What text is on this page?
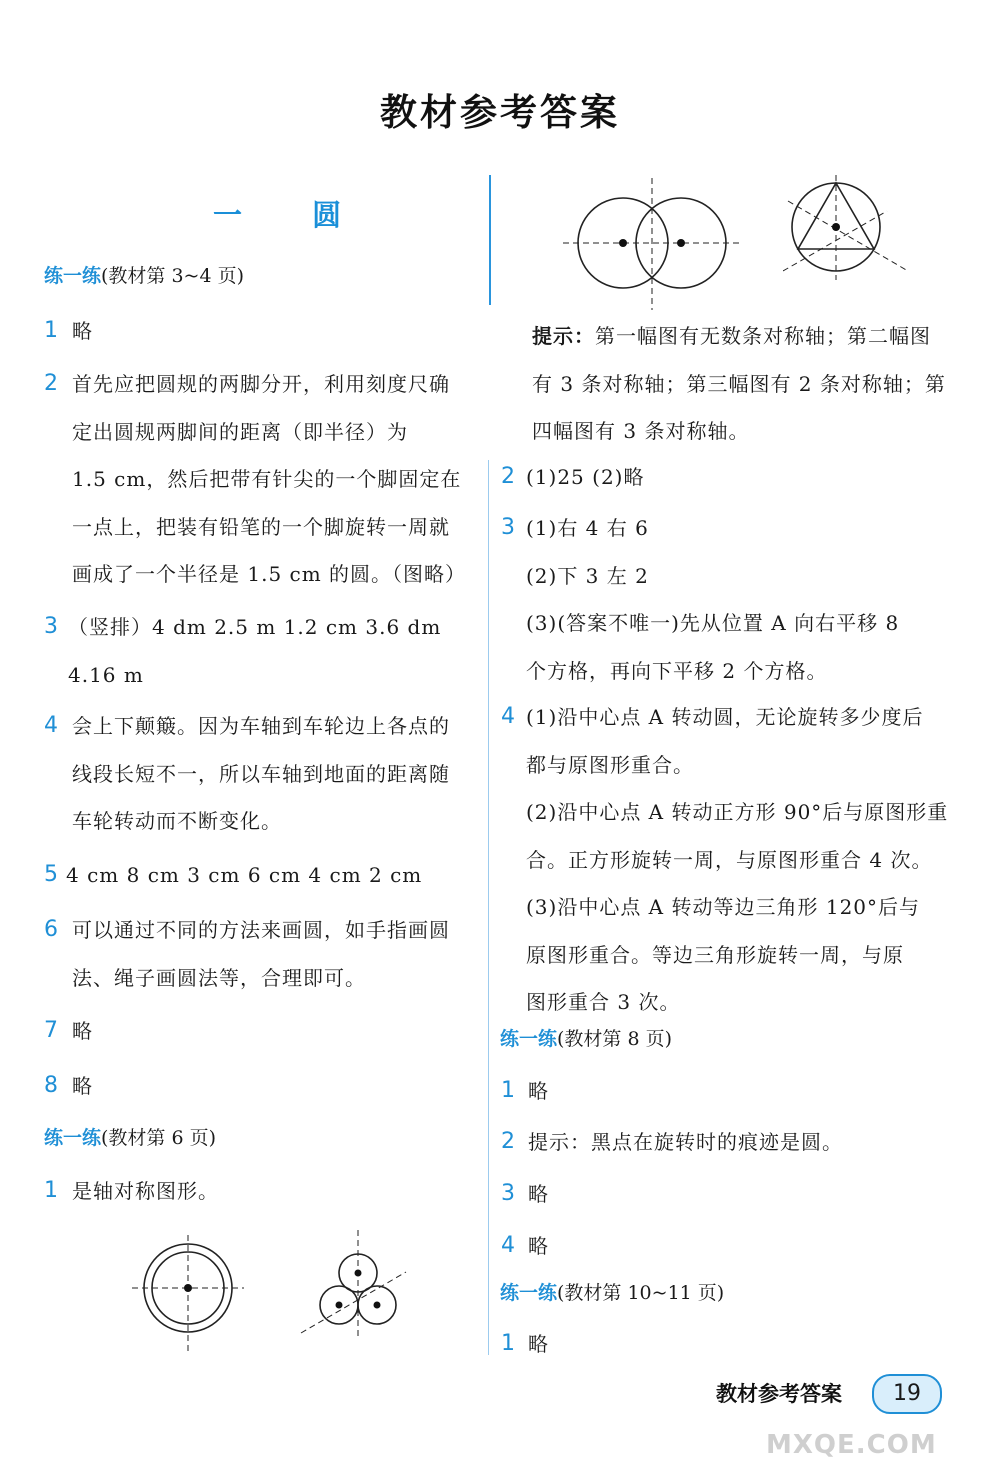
教材参考答案
一 圆
练一练(教材第 3~4 页)
1 略
2 首先应把圆规的两脚分开，利用刻度尺确
定出圆规两脚间的距离（即半径）为
1.5 cm，然后把带有针尖的一个脚固定在
一点上，把装有铅笔的一个脚旋转一周就
画成了一个半径是 1.5 cm 的圆。（图略）
3 （竖排）4 dm 2.5 m 1.2 cm 3.6 dm
4.16 m
4 会上下颠簸。因为车轴到车轮边上各点的
线段长短不一，所以车轴到地面的距离随
车轮转动而不断变化。
5 4 cm 8 cm 3 cm 6 cm 4 cm 2 cm
6 可以通过不同的方法来画圆，如手指画圆
法、绳子画圆法等，合理即可。
7 略
8 略
练一练(教材第 6 页)
1 是轴对称图形。
提示：第一幅图有无数条对称轴；第二幅图
有 3 条对称轴；第三幅图有 2 条对称轴；第
四幅图有 3 条对称轴。
2 (1)25 (2)略
3 (1)右 4 右 6
(2)下 3 左 2
(3)(答案不唯一)先从位置 A 向右平移 8
个方格，再向下平移 2 个方格。
4 (1)沿中心点 A 转动圆，无论旋转多少度后
都与原图形重合。
(2)沿中心点 A 转动正方形 90°后与原图形重
合。正方形旋转一周，与原图形重合 4 次。
(3)沿中心点 A 转动等边三角形 120°后与
原图形重合。等边三角形旋转一周，与原
图形重合 3 次。
练一练(教材第 8 页)
1 略
2 提示：黑点在旋转时的痕迹是圆。
3 略
4 略
练一练(教材第 10~11 页)
1 略
教材参考答案	19
MXQE.COM
